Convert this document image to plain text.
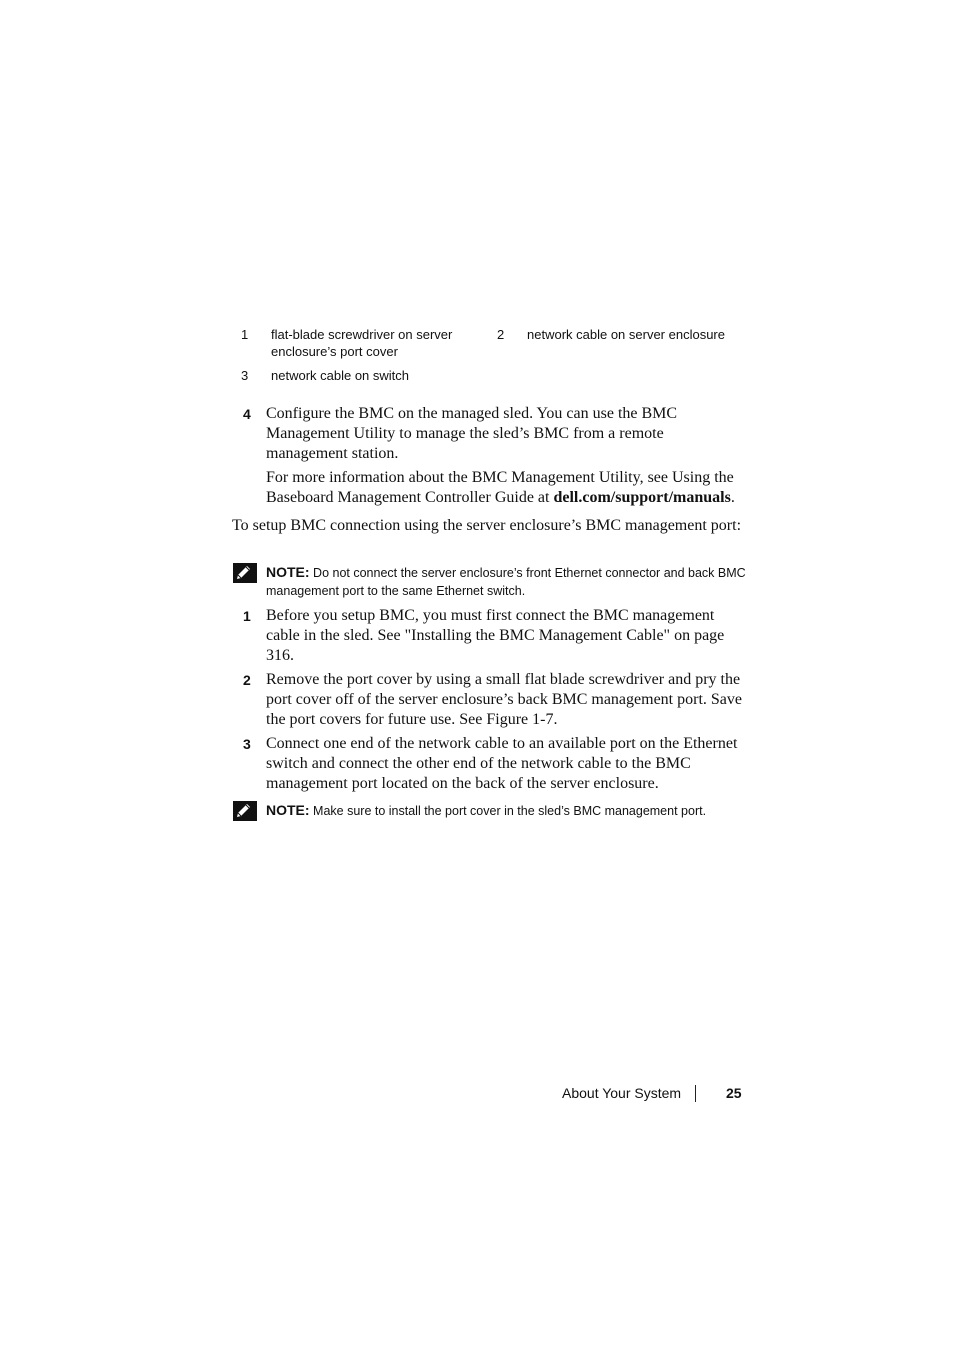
1 flat-blade screwdriver on server enclosure’s port cover
2 network cable on server enclosure
3 network cable on switch
4 Configure the BMC on the managed sled. You can use the BMC Management Utility to manage the sled’s BMC from a remote management station.
For more information about the BMC Management Utility, see Using the Baseboard Management Controller Guide at dell.com/support/manuals.
To setup BMC connection using the server enclosure’s BMC management port:
NOTE: Do not connect the server enclosure’s front Ethernet connector and back BMC management port to the same Ethernet switch.
1 Before you setup BMC, you must first connect the BMC management cable in the sled. See "Installing the BMC Management Cable" on page 316.
2 Remove the port cover by using a small flat blade screwdriver and pry the port cover off of the server enclosure’s back BMC management port. Save the port covers for future use. See Figure 1-7.
3 Connect one end of the network cable to an available port on the Ethernet switch and connect the other end of the network cable to the BMC management port located on the back of the server enclosure.
NOTE: Make sure to install the port cover in the sled’s BMC management port.
About Your System	25
